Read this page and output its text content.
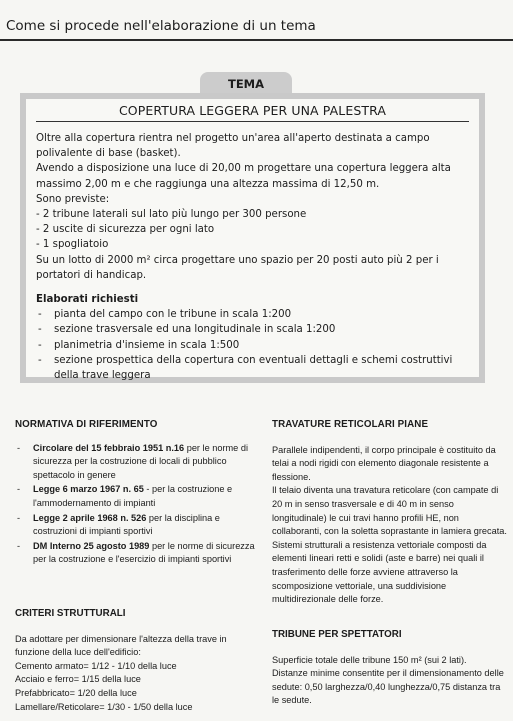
Come si procede nell'elaborazione di un tema
TEMA
COPERTURA LEGGERA PER UNA PALESTRA

Oltre alla copertura rientra nel progetto un'area all'aperto destinata a campo polivalente di base (basket).

Avendo a disposizione una luce di 20,00 m progettare una copertura leggera alta massimo 2,00 m e che raggiunga una altezza massima di 12,50 m.

Sono previste:

- 2 tribune laterali sul lato più lungo per 300 persone

- 2 uscite di sicurezza per ogni lato

- 1 spogliatoio

Su un lotto di 2000 m² circa progettare uno spazio per 20 posti auto più 2 per i portatori di handicap.

Elaborati richiesti
- pianta del campo con le tribune in scala 1:200
- sezione trasversale ed una longitudinale in scala 1:200
- planimetria d'insieme in scala 1:500
- sezione prospettica della copertura con eventuali dettagli e schemi costruttivi della trave leggera
NORMATIVA DI RIFERIMENTO
- Circolare del 15 febbraio 1951 n.16 per le norme di sicurezza per la costruzione di locali di pubblico spettacolo in genere
- Legge 6 marzo 1967 n. 65 - per la costruzione e l'ammodernamento di impianti
- Legge 2 aprile 1968 n. 526 per la disciplina e costruzioni di impianti sportivi
- DM Interno 25 agosto 1989 per le norme di sicurezza per la costruzione e l'esercizio di impianti sportivi
CRITERI STRUTTURALI

Da adottare per dimensionare l'altezza della trave in funzione della luce dell'edificio:

Cemento armato= 1/12 - 1/10 della luce
Acciaio e ferro= 1/15 della luce
Prefabbricato= 1/20 della luce
Lamellare/Reticolare= 1/30 - 1/50 della luce
TRAVATURE RETICOLARI PIANE

Parallele indipendenti, il corpo principale è costituito da telai a nodi rigidi con elemento diagonale resistente a flessione.

Il telaio diventa una travatura reticolare (con campate di 20 m in senso trasversale e di 40 m in senso longitudinale) le cui travi hanno profili HE, non collaboranti, con la soletta soprastante in lamiera grecata. Sistemi strutturali a resistenza vettoriale composti da elementi lineari retti e solidi (aste e barre) nei quali il trasferimento delle forze avviene attraverso la scomposizione vettoriale, una suddivisione multidirezionale delle forze.

TRIBUNE PER SPETTATORI

Superficie totale delle tribune 150 m² (sui 2 lati).

Distanze minime consentite per il dimensionamento delle sedute: 0,50 larghezza/0,40 lunghezza/0,75 distanza tra le sedute.
